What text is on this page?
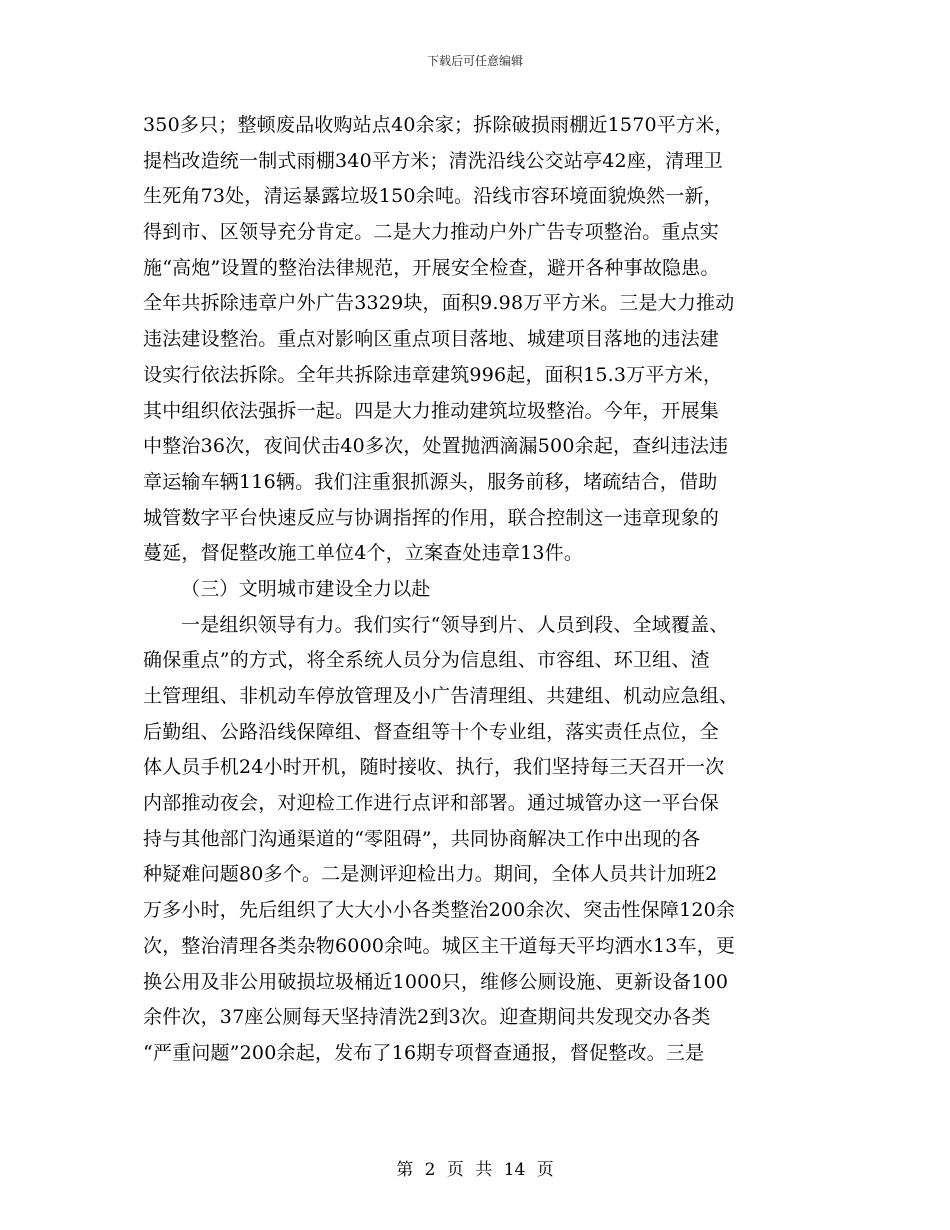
下载后可任意编辑
350多只；整顿废品收购站点40余家；拆除破损雨棚近1570平方米，
提档改造统一制式雨棚340平方米；清洗沿线公交站亭42座，清理卫
生死角73处，清运暴露垃圾150余吨。沿线市容环境面貌焕然一新，
得到市、区领导充分肯定。二是大力推动户外广告专项整治。重点实
施“高炮”设置的整治法律规范，开展安全检查，避开各种事故隐患。
全年共拆除违章户外广告3329块，面积9.98万平方米。三是大力推动
违法建设整治。重点对影响区重点项目落地、城建项目落地的违法建
设实行依法拆除。全年共拆除违章建筑996起，面积15.3万平方米，
其中组织依法强拆一起。四是大力推动建筑垃圾整治。今年，开展集
中整治36次，夜间伏击40多次，处置抛洒滴漏500余起，查纠违法违
章运输车辆116辆。我们注重狠抓源头，服务前移，堵疏结合，借助
城管数字平台快速反应与协调指挥的作用，联合控制这一违章现象的
蔓延，督促整改施工单位4个，立案查处违章13件。
（三）文明城市建设全力以赴
一是组织领导有力。我们实行“领导到片、人员到段、全域覆盖、
确保重点”的方式，将全系统人员分为信息组、市容组、环卫组、渣
土管理组、非机动车停放管理及小广告清理组、共建组、机动应急组、
后勤组、公路沿线保障组、督查组等十个专业组，落实责任点位，全
体人员手机24小时开机，随时接收、执行，我们坚持每三天召开一次
内部推动夜会，对迎检工作进行点评和部署。通过城管办这一平台保
持与其他部门沟通渠道的“零阻碍”，共同协商解决工作中出现的各
种疑难问题80多个。二是测评迎检出力。期间，全体人员共计加班2
万多小时，先后组织了大大小小各类整治200余次、突击性保障120余
次，整治清理各类杂物6000余吨。城区主干道每天平均洒水13车，更
换公用及非公用破损垃圾桶近1000只，维修公厕设施、更新设备100
余件次，37座公厕每天坚持清洗2到3次。迎查期间共发现交办各类
“严重问题”200余起，发布了16期专项督查通报，督促整改。三是
第 2 页 共 14 页
